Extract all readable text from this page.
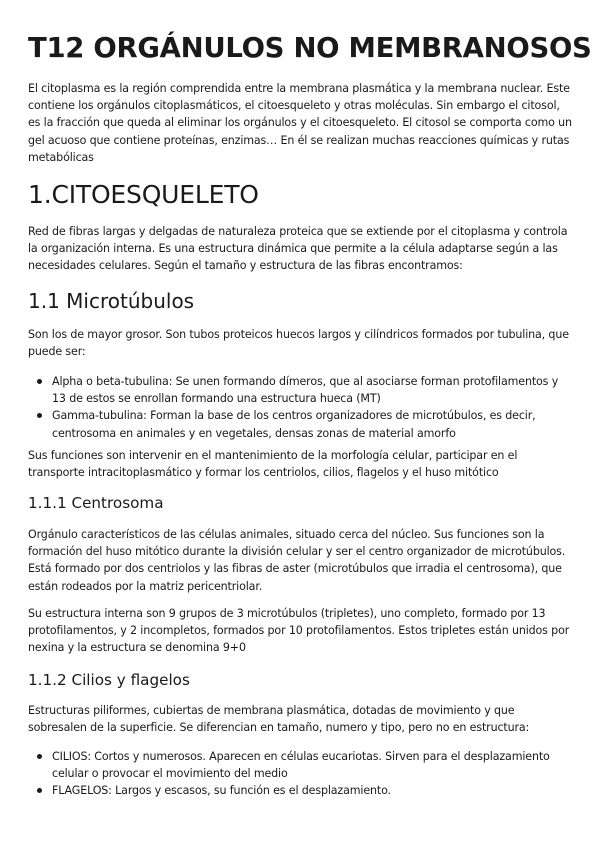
T12 ORGÁNULOS NO MEMBRANOSOS

El citoplasma es la región comprendida entre la membrana plasmática y la membrana nuclear. Este contiene los orgánulos citoplasmáticos, el citoesqueleto y otras moléculas. Sin embargo el citosol, es la fracción que queda al eliminar los orgánulos y el citoesqueleto. El citosol se comporta como un gel acuoso que contiene proteínas, enzimas… En él se realizan muchas reacciones químicas y rutas metabólicas

1.CITOESQUELETO

Red de fibras largas y delgadas de naturaleza proteica que se extiende por el citoplasma y controla la organización interna. Es una estructura dinámica que permite a la célula adaptarse según a las necesidades celulares. Según el tamaño y estructura de las fibras encontramos:

1.1 Microtúbulos

Son los de mayor grosor. Son tubos proteicos huecos largos y cilíndricos formados por tubulina, que puede ser:

Alpha o beta-tubulina: Se unen formando dímeros, que al asociarse forman protofilamentos y 13 de estos se enrollan formando una estructura hueca (MT)
Gamma-tubulina: Forman la base de los centros organizadores de microtúbulos, es decir, centrosoma en animales y en vegetales, densas zonas de material amorfo

Sus funciones son intervenir en el mantenimiento de la morfología celular, participar en el transporte intracitoplasmático y formar los centriolos, cilios, flagelos y el huso mitótico

1.1.1 Centrosoma

Orgánulo característicos de las células animales, situado cerca del núcleo. Sus funciones son la formación del huso mitótico durante la división celular y ser el centro organizador de microtúbulos. Está formado por dos centriolos y las fibras de aster (microtúbulos que irradia el centrosoma), que están rodeados por la matriz pericentriolar.

Su estructura interna son 9 grupos de 3 microtúbulos (tripletes), uno completo, formado por 13 protofilamentos, y 2 incompletos, formados por 10 protofilamentos. Estos tripletes están unidos por nexina y la estructura se denomina 9+0

1.1.2 Cilios y flagelos

Estructuras piliformes, cubiertas de membrana plasmática, dotadas de movimiento y que sobresalen de la superficie. Se diferencian en tamaño, numero y tipo, pero no en estructura:

CILIOS: Cortos y numerosos. Aparecen en células eucariotas. Sirven para el desplazamiento celular o provocar el movimiento del medio
FLAGELOS: Largos y escasos, su función es el desplazamiento.
